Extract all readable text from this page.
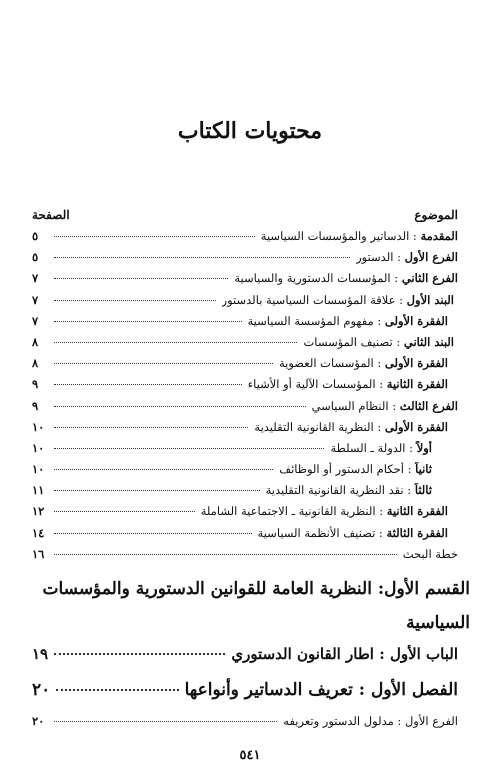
محتويات الكتاب
الموضوع
الصفحة
المقدمة : الدساتير والمؤسسات السياسية
٥
الفرع الأول : الدستور
٥
الفرع الثاني : المؤسسات الدستورية والسياسية
٧
البند الأول : علاقة المؤسسات السياسية بالدستور
٧
الفقرة الأولى : مفهوم المؤسسة السياسية
٧
البند الثاني : تصنيف المؤسسات
٨
الفقرة الأولى : المؤسسات العضوية
٨
الفقرة الثانية : المؤسسات الآلية أو الأشياء
٩
الفرع الثالث : النظام السياسي
٩
الفقرة الأولى : النظرية القانونية التقليدية
١٠
أولاً : الدولة ـ السلطة
١٠
ثانياً : أحكام الدستور أو الوظائف
١٠
ثالثاً : نقد النظرية القانونية التقليدية
١١
الفقرة الثانية : النظرية القانونية ـ الاجتماعية الشاملة
١٢
الفقرة الثالثة : تصنيف الأنظمة السياسية
١٤
خطة البحث
١٦
القسم الأول: النظرية العامة للقوانين الدستورية والمؤسسات السياسية
الباب الأول : اطار القانون الدستوري
١٩
الفصل الأول : تعريف الدساتير وأنواعها
٢٠
الفرع الأول : مدلول الدستور وتعريفه
٢٠
٥٤١
